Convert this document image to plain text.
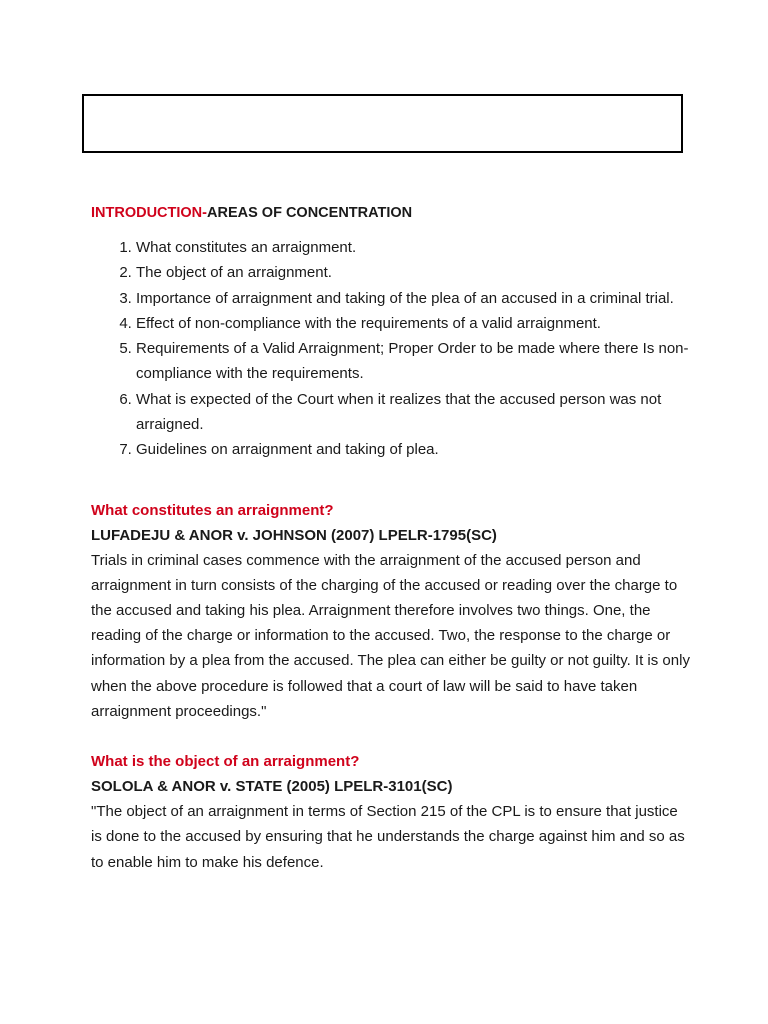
INTRODUCTION-AREAS OF CONCENTRATION
1. What constitutes an arraignment.
2. The object of an arraignment.
3. Importance of arraignment and taking of the plea of an accused in a criminal trial.
4. Effect of non-compliance with the requirements of a valid arraignment.
5. Requirements of a Valid Arraignment; Proper Order to be made where there Is non-compliance with the requirements.
6. What is expected of the Court when it realizes that the accused person was not arraigned.
7. Guidelines on arraignment and taking of plea.
What constitutes an arraignment?
LUFADEJU & ANOR v. JOHNSON (2007) LPELR-1795(SC)

Trials in criminal cases commence with the arraignment of the accused person and arraignment in turn consists of the charging of the accused or reading over the charge to the accused and taking his plea. Arraignment therefore involves two things. One, the reading of the charge or information to the accused. Two, the response to the charge or information by a plea from the accused. The plea can either be guilty or not guilty. It is only when the above procedure is followed that a court of law will be said to have taken arraignment proceedings."

What is the object of an arraignment?
SOLOLA & ANOR v. STATE (2005) LPELR-3101(SC)

"The object of an arraignment in terms of Section 215 of the CPL is to ensure that justice is done to the accused by ensuring that he understands the charge against him and so as to enable him to make his defence.
